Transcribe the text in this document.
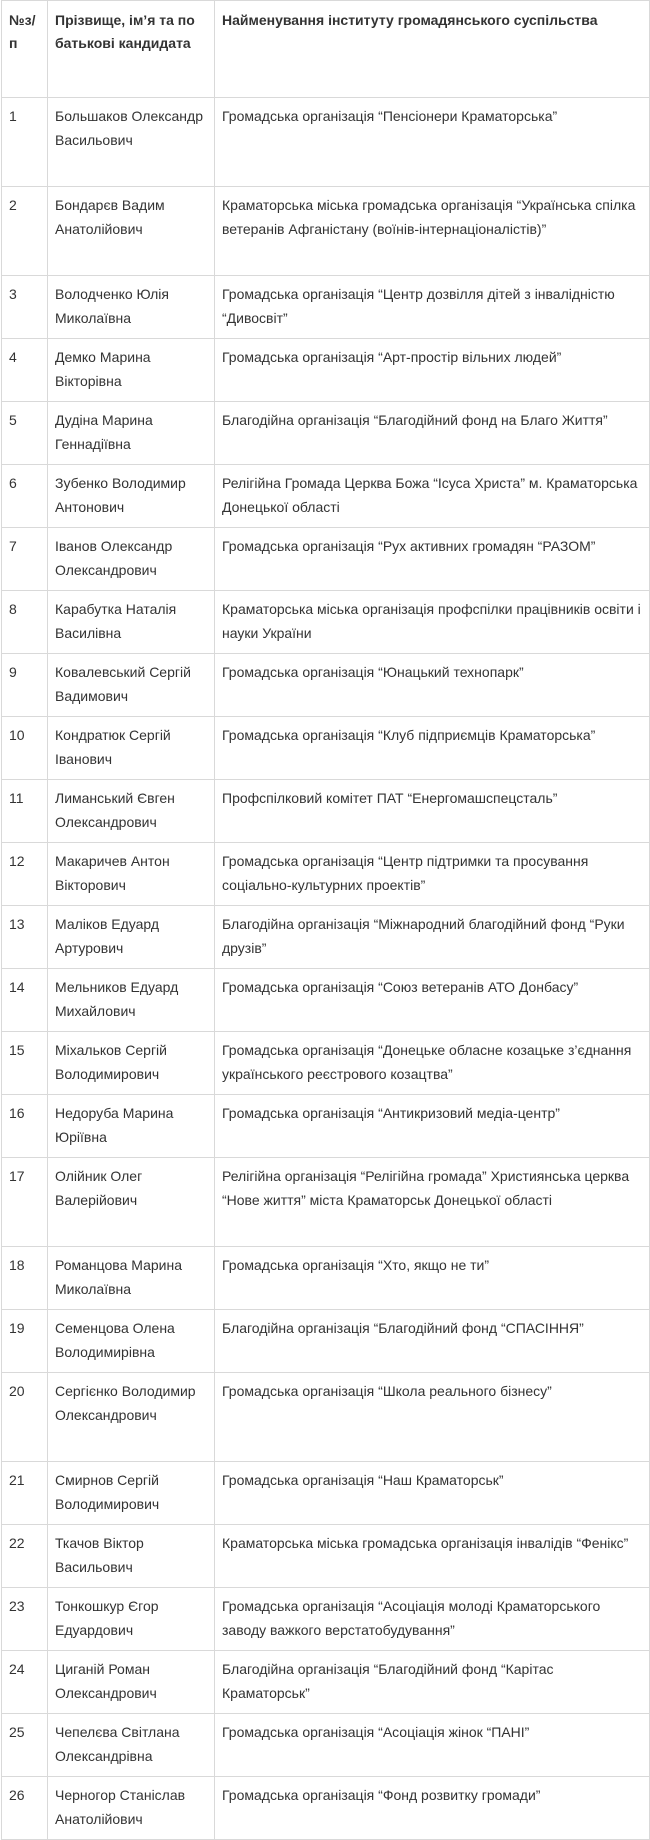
№з/п	Прізвище, ім’я та по батькові кандидата	Найменування інституту громадянського суспільства
1	Большаков Олександр Васильович	Громадська організація “Пенсіонери Краматорська”
2	Бондарєв Вадим Анатолійович	Краматорська міська громадська організація “Українська спілка ветеранів Афганістану (воїнів-інтернаціоналістів)”
3	Володченко Юлія Миколаївна	Громадська організація “Центр дозвілля дітей з інвалідністю “Дивосвіт”
4	Демко Марина Вікторівна	Громадська організація “Арт-простір вільних людей”
5	Дудіна Марина Геннадіївна	Благодійна організація “Благодійний фонд на Благо Життя”
6	Зубенко Володимир Антонович	Релігійна Громада Церква Божа “Ісуса Христа” м. Краматорська Донецької області
7	Іванов Олександр Олександрович	Громадська організація “Рух активних громадян “РАЗОМ”
8	Карабутка Наталія Василівна	Краматорська міська організація профспілки працівників освіти і науки України
9	Ковалевський Сергій Вадимович	Громадська організація “Юнацький технопарк”
10	Кондратюк Сергій Іванович	Громадська організація “Клуб підприємців Краматорська”
11	Лиманський Євген Олександрович	Профспілковий комітет ПАТ “Енергомашспецсталь”
12	Макаричев Антон Вікторович	Громадська організація “Центр підтримки та просування соціально-культурних проектів”
13	Маліков Едуард Артурович	Благодійна організація “Міжнародний благодійний фонд “Руки друзів”
14	Мельников Едуард Михайлович	Громадська організація “Союз ветеранів АТО Донбасу”
15	Міхальков Сергій Володимирович	Громадська організація “Донецьке обласне козацьке з’єднання українського реєстрового козацтва”
16	Недоруба Марина Юріївна	Громадська організація “Антикризовий медіа-центр”
17	Олійник Олег Валерійович	Релігійна організація “Релігійна громада” Християнська церква “Нове життя” міста Краматорськ Донецької області
18	Романцова Марина Миколаївна	Громадська організація “Хто, якщо не ти”
19	Семенцова Олена Володимирівна	Благодійна організація “Благодійний фонд “СПАСІННЯ”
20	Сергієнко Володимир Олександрович	Громадська організація “Школа реального бізнесу”
21	Смирнов Сергій Володимирович	Громадська організація “Наш Краматорськ”
22	Ткачов Віктор Васильович	Краматорська міська громадська організація інвалідів “Фенікс”
23	Тонкошкур Єгор Едуардович	Громадська організація “Асоціація молоді Краматорського заводу важкого верстатобудування”
24	Циганій Роман Олександрович	Благодійна організація “Благодійний фонд “Карітас Краматорськ”
25	Чепелєва Світлана Олександрівна	Громадська організація “Асоціація жінок “ПАНІ”
26	Черногор Станіслав Анатолійович	Громадська організація “Фонд розвитку громади”
